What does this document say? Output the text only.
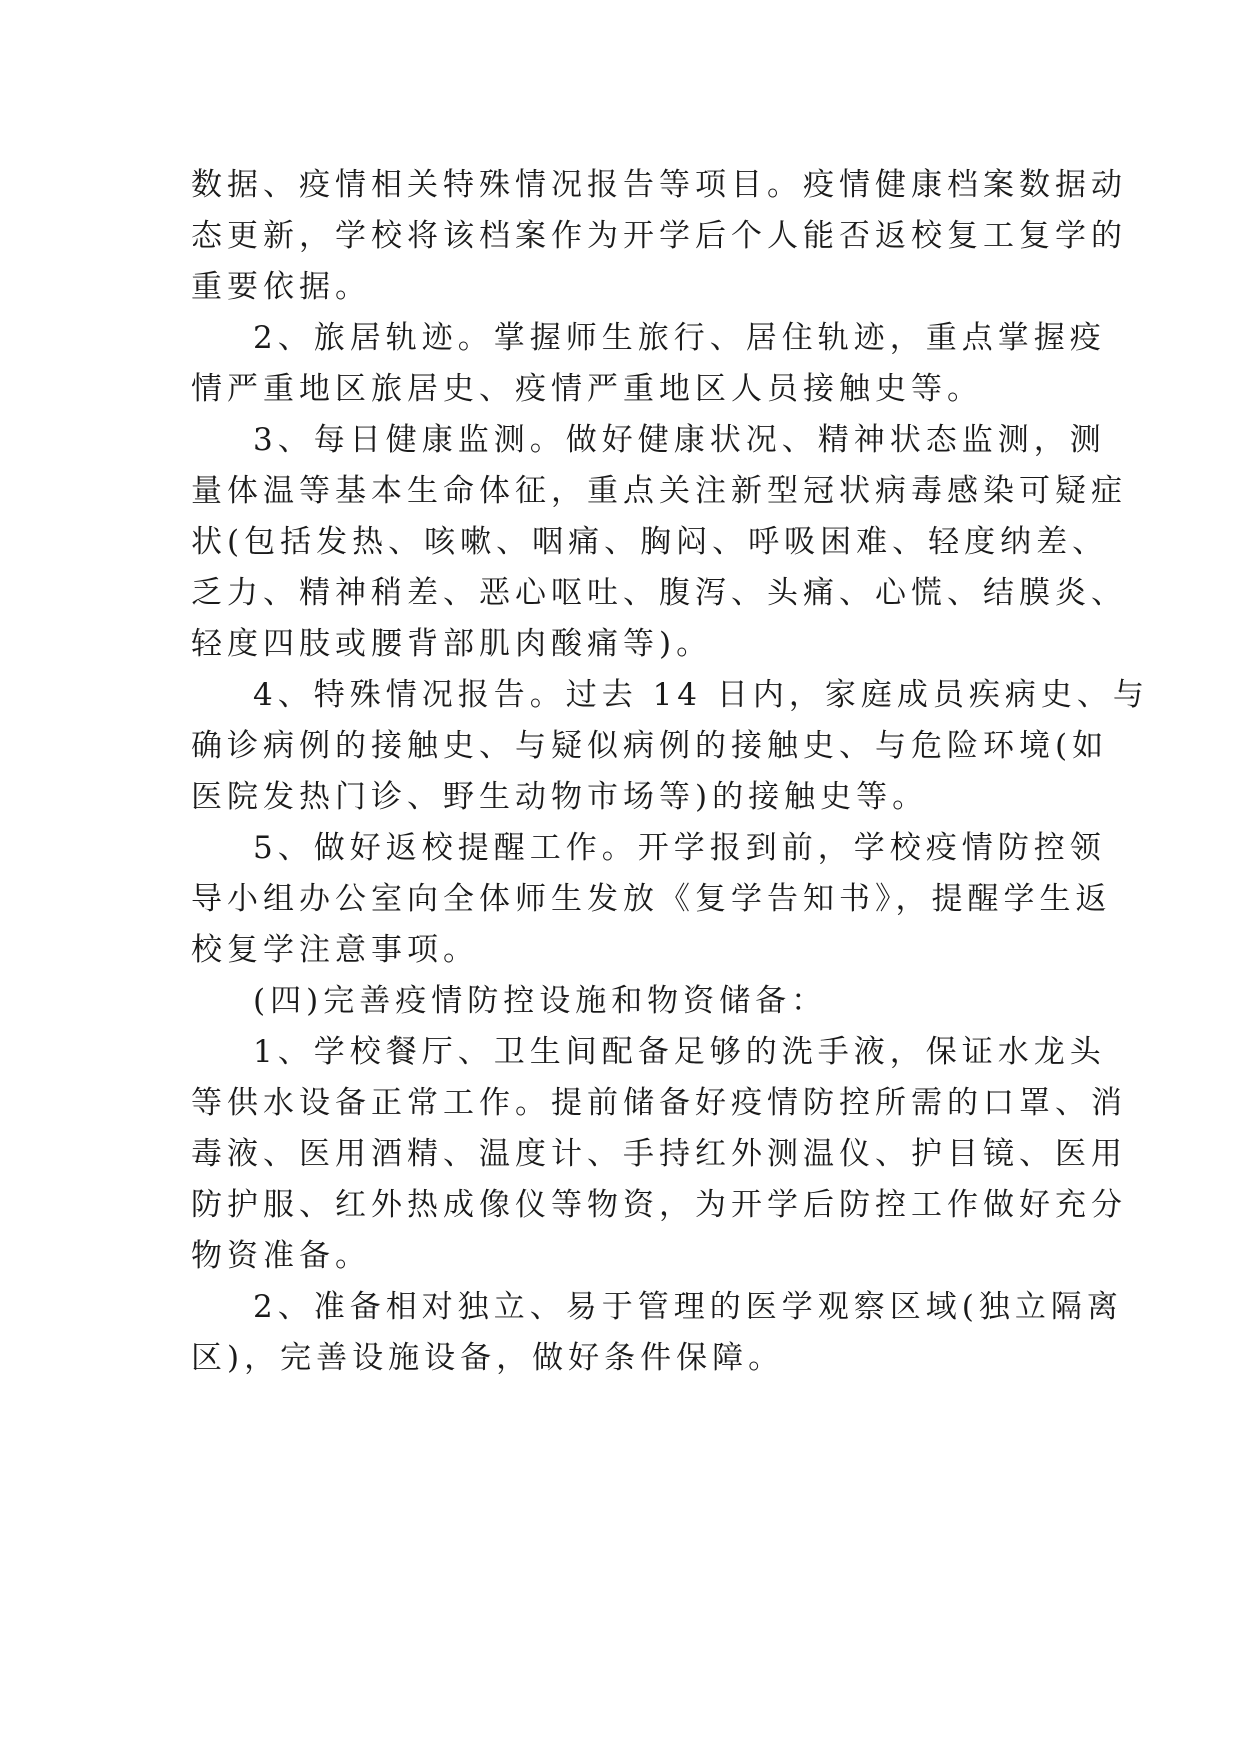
数据、疫情相关特殊情况报告等项目。疫情健康档案数据动
态更新，学校将该档案作为开学后个人能否返校复工复学的
重要依据。
2、旅居轨迹。掌握师生旅行、居住轨迹，重点掌握疫
情严重地区旅居史、疫情严重地区人员接触史等。
3、每日健康监测。做好健康状况、精神状态监测，测
量体温等基本生命体征，重点关注新型冠状病毒感染可疑症
状(包括发热、咳嗽、咽痛、胸闷、呼吸困难、轻度纳差、
乏力、精神稍差、恶心呕吐、腹泻、头痛、心慌、结膜炎、
轻度四肢或腰背部肌肉酸痛等)。
4、特殊情况报告。过去 14 日内，家庭成员疾病史、与
确诊病例的接触史、与疑似病例的接触史、与危险环境(如
医院发热门诊、野生动物市场等)的接触史等。
5、做好返校提醒工作。开学报到前，学校疫情防控领
导小组办公室向全体师生发放《复学告知书》，提醒学生返
校复学注意事项。
(四)完善疫情防控设施和物资储备：
1、学校餐厅、卫生间配备足够的洗手液，保证水龙头
等供水设备正常工作。提前储备好疫情防控所需的口罩、消
毒液、医用酒精、温度计、手持红外测温仪、护目镜、医用
防护服、红外热成像仪等物资，为开学后防控工作做好充分
物资准备。
2、准备相对独立、易于管理的医学观察区域(独立隔离
区)，完善设施设备，做好条件保障。
